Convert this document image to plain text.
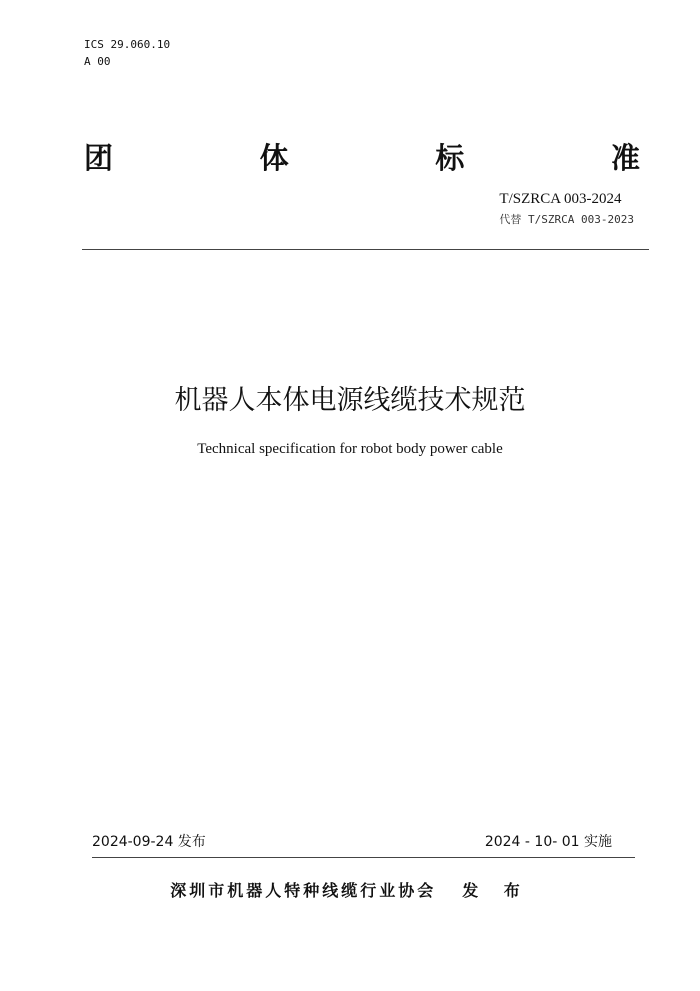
ICS 29.060.10
A 00
团	体	标	准
T/SZRCA 003-2024
代替 T/SZRCA 003-2023
机器人本体电源线缆技术规范
Technical specification for robot body power cable
2024-09-24 发布	2024 - 10- 01 实施
深圳市机器人特种线缆行业协会 发 布
